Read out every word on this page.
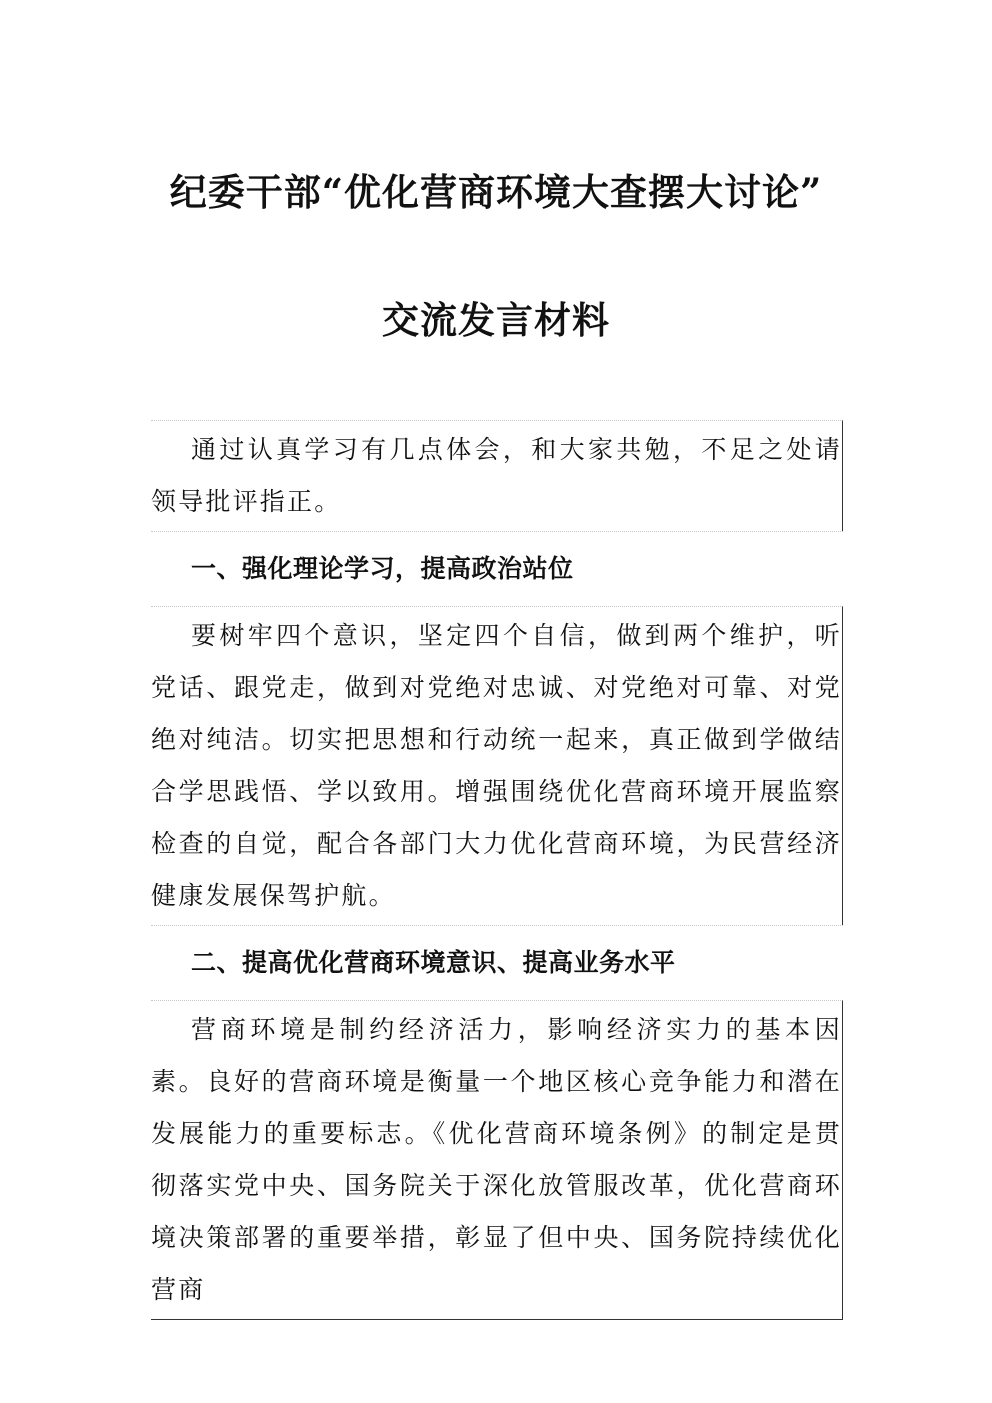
纪委干部“优化营商环境大查摆大讨论”
交流发言材料

通过认真学习有几点体会，和大家共勉，不足之处请领导批评指正。

一、强化理论学习，提高政治站位

要树牢四个意识，坚定四个自信，做到两个维护，听党话、跟党走，做到对党绝对忠诚、对党绝对可靠、对党绝对纯洁。切实把思想和行动统一起来，真正做到学做结合学思践悟、学以致用。增强围绕优化营商环境开展监察检查的自觉，配合各部门大力优化营商环境，为民营经济健康发展保驾护航。

二、提高优化营商环境意识、提高业务水平

营商环境是制约经济活力，影响经济实力的基本因素。良好的营商环境是衡量一个地区核心竞争能力和潜在发展能力的重要标志。《优化营商环境条例》的制定是贯彻落实党中央、国务院关于深化放管服改革，优化营商环境决策部署的重要举措，彰显了但中央、国务院持续优化营商
